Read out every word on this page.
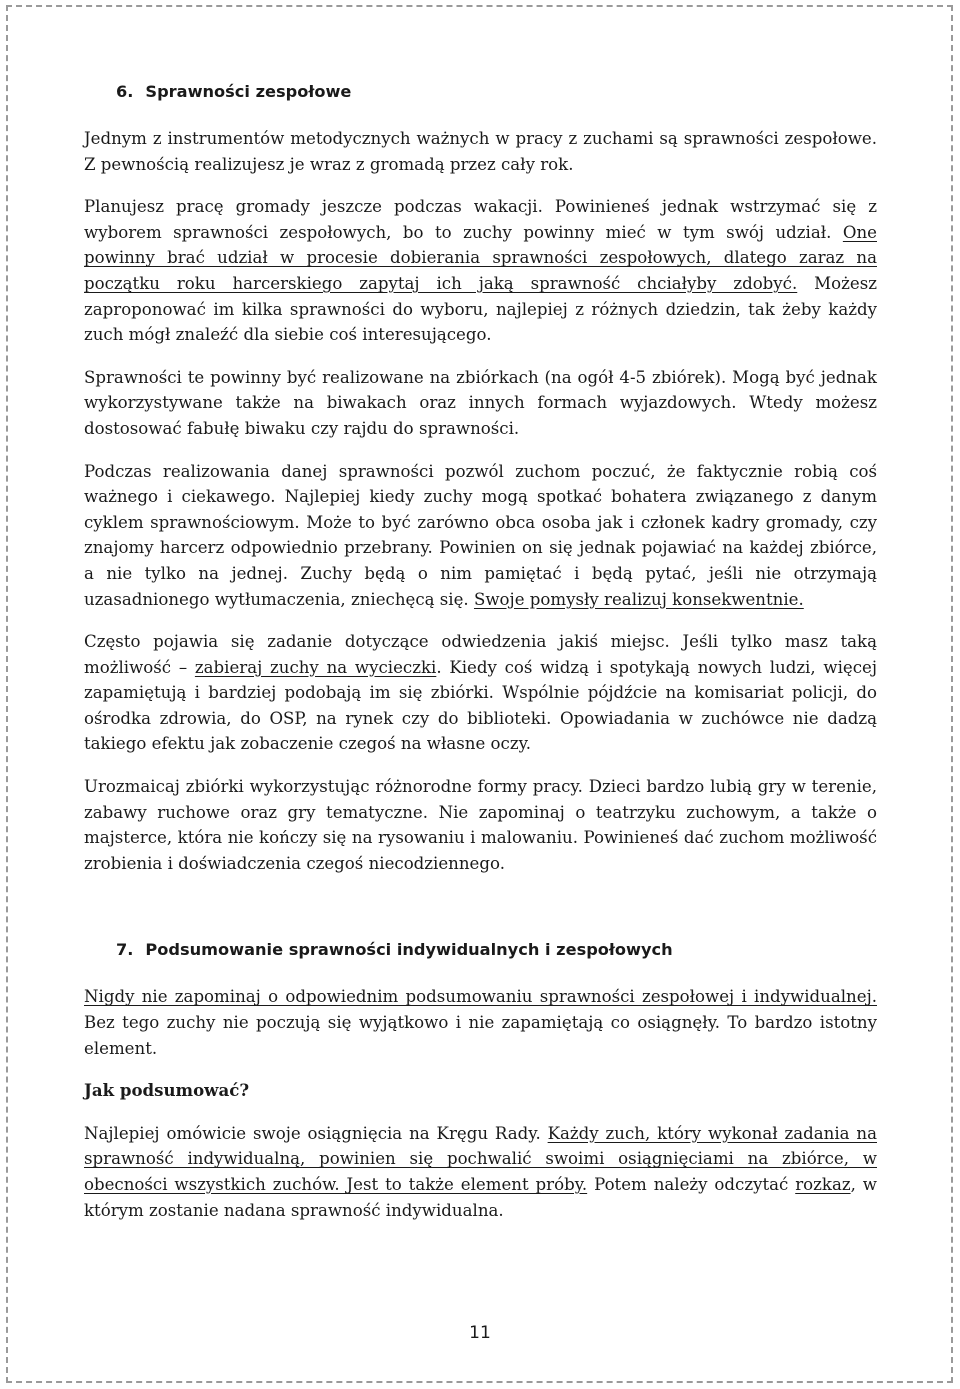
6. Sprawności zespołowe

Jednym z instrumentów metodycznych ważnych w pracy z zuchami są sprawności zespołowe. Z pewnością realizujesz je wraz z gromadą przez cały rok.

Planujesz pracę gromady jeszcze podczas wakacji. Powinieneś jednak wstrzymać się z wyborem sprawności zespołowych, bo to zuchy powinny mieć w tym swój udział. One powinny brać udział w procesie dobierania sprawności zespołowych, dlatego zaraz na początku roku harcerskiego zapytaj ich jaką sprawność chciałyby zdobyć. Możesz zaproponować im kilka sprawności do wyboru, najlepiej z różnych dziedzin, tak żeby każdy zuch mógł znaleźć dla siebie coś interesującego.

Sprawności te powinny być realizowane na zbiórkach (na ogół 4-5 zbiórek). Mogą być jednak wykorzystywane także na biwakach oraz innych formach wyjazdowych. Wtedy możesz dostosować fabułę biwaku czy rajdu do sprawności.

Podczas realizowania danej sprawności pozwól zuchom poczuć, że faktycznie robią coś ważnego i ciekawego. Najlepiej kiedy zuchy mogą spotkać bohatera związanego z danym cyklem sprawnościowym. Może to być zarówno obca osoba jak i członek kadry gromady, czy znajomy harcerz odpowiednio przebrany. Powinien on się jednak pojawiać na każdej zbiórce, a nie tylko na jednej. Zuchy będą o nim pamiętać i będą pytać, jeśli nie otrzymają uzasadnionego wytłumaczenia, zniechęcą się. Swoje pomysły realizuj konsekwentnie.

Często pojawia się zadanie dotyczące odwiedzenia jakiś miejsc. Jeśli tylko masz taką możliwość – zabieraj zuchy na wycieczki. Kiedy coś widzą i spotykają nowych ludzi, więcej zapamiętują i bardziej podobają im się zbiórki. Wspólnie pójdźcie na komisariat policji, do ośrodka zdrowia, do OSP, na rynek czy do biblioteki. Opowiadania w zuchówce nie dadzą takiego efektu jak zobaczenie czegoś na własne oczy.

Urozmaicaj zbiórki wykorzystując różnorodne formy pracy. Dzieci bardzo lubią gry w terenie, zabawy ruchowe oraz gry tematyczne. Nie zapominaj o teatrzyku zuchowym, a także o majsterce, która nie kończy się na rysowaniu i malowaniu. Powinieneś dać zuchom możliwość zrobienia i doświadczenia czegoś niecodziennego.

7. Podsumowanie sprawności indywidualnych i zespołowych

Nigdy nie zapominaj o odpowiednim podsumowaniu sprawności zespołowej i indywidualnej. Bez tego zuchy nie poczują się wyjątkowo i nie zapamiętają co osiągnęły. To bardzo istotny element.

Jak podsumować?

Najlepiej omówicie swoje osiągnięcia na Kręgu Rady. Każdy zuch, który wykonał zadania na sprawność indywidualną, powinien się pochwalić swoimi osiągnięciami na zbiórce, w obecności wszystkich zuchów. Jest to także element próby. Potem należy odczytać rozkaz, w którym zostanie nadana sprawność indywidualna.

11
